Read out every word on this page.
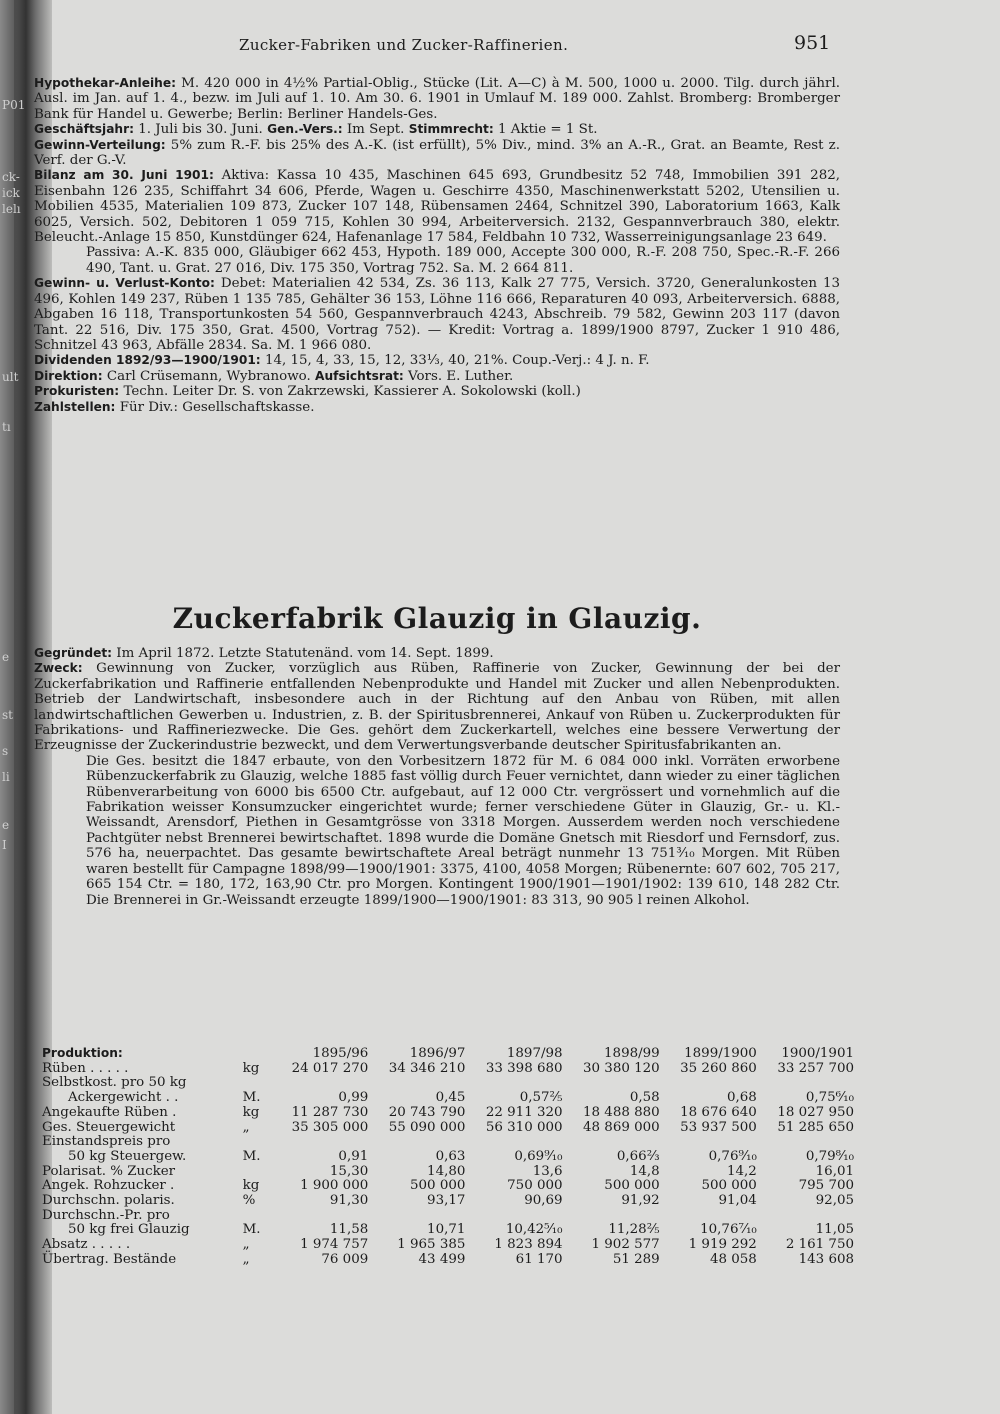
P01
ck-
ick
lelı
ult
tı
e
st
s
li
e
I
Zucker-Fabriken und Zucker-Raffinerien.	951

Hypothekar-Anleihe: M. 420 000 in 4½% Partial-Oblig., Stücke (Lit. A—C) à M. 500, 1000 u. 2000. Tilg. durch jährl. Ausl. im Jan. auf 1. 4., bezw. im Juli auf 1. 10. Am 30. 6. 1901 in Umlauf M. 189 000. Zahlst. Bromberg: Bromberger Bank für Handel u. Gewerbe; Berlin: Berliner Handels-Ges.

Geschäftsjahr: 1. Juli bis 30. Juni. Gen.-Vers.: Im Sept. Stimmrecht: 1 Aktie = 1 St.

Gewinn-Verteilung: 5% zum R.-F. bis 25% des A.-K. (ist erfüllt), 5% Div., mind. 3% an A.-R., Grat. an Beamte, Rest z. Verf. der G.-V.

Bilanz am 30. Juni 1901: Aktiva: Kassa 10 435, Maschinen 645 693, Grundbesitz 52 748, Immobilien 391 282, Eisenbahn 126 235, Schiffahrt 34 606, Pferde, Wagen u. Geschirre 4350, Maschinenwerkstatt 5202, Utensilien u. Mobilien 4535, Materialien 109 873, Zucker 107 148, Rübensamen 2464, Schnitzel 390, Laboratorium 1663, Kalk 6025, Versich. 502, Debitoren 1 059 715, Kohlen 30 994, Arbeiterversich. 2132, Gespannverbrauch 380, elektr. Beleucht.-Anlage 15 850, Kunstdünger 624, Hafenanlage 17 584, Feldbahn 10 732, Wasserreinigungsanlage 23 649.

Passiva: A.-K. 835 000, Gläubiger 662 453, Hypoth. 189 000, Accepte 300 000, R.-F. 208 750, Spec.-R.-F. 266 490, Tant. u. Grat. 27 016, Div. 175 350, Vortrag 752. Sa. M. 2 664 811.

Gewinn- u. Verlust-Konto: Debet: Materialien 42 534, Zs. 36 113, Kalk 27 775, Versich. 3720, Generalunkosten 13 496, Kohlen 149 237, Rüben 1 135 785, Gehälter 36 153, Löhne 116 666, Reparaturen 40 093, Arbeiterversich. 6888, Abgaben 16 118, Transportunkosten 54 560, Gespannverbrauch 4243, Abschreib. 79 582, Gewinn 203 117 (davon Tant. 22 516, Div. 175 350, Grat. 4500, Vortrag 752). — Kredit: Vortrag a. 1899/1900 8797, Zucker 1 910 486, Schnitzel 43 963, Abfälle 2834. Sa. M. 1 966 080.

Dividenden 1892/93—1900/1901: 14, 15, 4, 33, 15, 12, 33⅓, 40, 21%. Coup.-Verj.: 4 J. n. F.

Direktion: Carl Crüsemann, Wybranowo. Aufsichtsrat: Vors. E. Luther.

Prokuristen: Techn. Leiter Dr. S. von Zakrzewski, Kassierer A. Sokolowski (koll.)

Zahlstellen: Für Div.: Gesellschaftskasse.

Zuckerfabrik Glauzig in Glauzig.

Gegründet: Im April 1872. Letzte Statutenänd. vom 14. Sept. 1899.

Zweck: Gewinnung von Zucker, vorzüglich aus Rüben, Raffinerie von Zucker, Gewinnung der bei der Zuckerfabrikation und Raffinerie entfallenden Nebenprodukte und Handel mit Zucker und allen Nebenprodukten. Betrieb der Landwirtschaft, insbesondere auch in der Richtung auf den Anbau von Rüben, mit allen landwirtschaftlichen Gewerben u. Industrien, z. B. der Spiritusbrennerei, Ankauf von Rüben u. Zuckerprodukten für Fabrikations- und Raffineriezwecke. Die Ges. gehört dem Zuckerkartell, welches eine bessere Verwertung der Erzeugnisse der Zuckerindustrie bezweckt, und dem Verwertungsverbande deutscher Spiritusfabrikanten an.

Die Ges. besitzt die 1847 erbaute, von den Vorbesitzern 1872 für M. 6 084 000 inkl. Vorräten erworbene Rübenzuckerfabrik zu Glauzig, welche 1885 fast völlig durch Feuer vernichtet, dann wieder zu einer täglichen Rübenverarbeitung von 6000 bis 6500 Ctr. aufgebaut, auf 12 000 Ctr. vergrössert und vornehmlich auf die Fabrikation weisser Konsumzucker eingerichtet wurde; ferner verschiedene Güter in Glauzig, Gr.- u. Kl.-Weissandt, Arensdorf, Piethen in Gesamtgrösse von 3318 Morgen. Ausserdem werden noch verschiedene Pachtgüter nebst Brennerei bewirtschaftet. 1898 wurde die Domäne Gnetsch mit Riesdorf und Fernsdorf, zus. 576 ha, neuerpachtet. Das gesamte bewirtschaftete Areal beträgt nunmehr 13 751³⁄₁₀ Morgen. Mit Rüben waren bestellt für Campagne 1898/99—1900/1901: 3375, 4100, 4058 Morgen; Rübenernte: 607 602, 705 217, 665 154 Ctr. = 180, 172, 163,90 Ctr. pro Morgen. Kontingent 1900/1901—1901/1902: 139 610, 148 282 Ctr. Die Brennerei in Gr.-Weissandt erzeugte 1899/1900—1900/1901: 83 313, 90 905 l reinen Alkohol.

Produktion:		1895/96	1896/97	1897/98	1898/99	1899/1900	1900/1901
Rüben . . . . .	kg	24 017 270	34 346 210	33 398 680	30 380 120	35 260 860	33 257 700
Selbstkost. pro 50 kg							
Ackergewicht . .	M.	0,99	0,45	0,57²⁄₅	0,58	0,68	0,75⁶⁄₁₀
Angekaufte Rüben .	kg	11 287 730	20 743 790	22 911 320	18 488 880	18 676 640	18 027 950
Ges. Steuergewicht	„	35 305 000	55 090 000	56 310 000	48 869 000	53 937 500	51 285 650
Einstandspreis pro							
50 kg Steuergew.	M.	0,91	0,63	0,69⁹⁄₁₀	0,66²⁄₃	0,76⁹⁄₁₀	0,79⁸⁄₁₀
Polarisat. % Zucker		15,30	14,80	13,6	14,8	14,2	16,01
Angek. Rohzucker .	kg	1 900 000	500 000	750 000	500 000	500 000	795 700
Durchschn. polaris.	%	91,30	93,17	90,69	91,92	91,04	92,05
Durchschn.-Pr. pro							
50 kg frei Glauzig	M.	11,58	10,71	10,42⁵⁄₁₀	11,28²⁄₅	10,76⁷⁄₁₀	11,05
Absatz . . . . .	„	1 974 757	1 965 385	1 823 894	1 902 577	1 919 292	2 161 750
Übertrag. Bestände	„	76 009	43 499	61 170	51 289	48 058	143 608
